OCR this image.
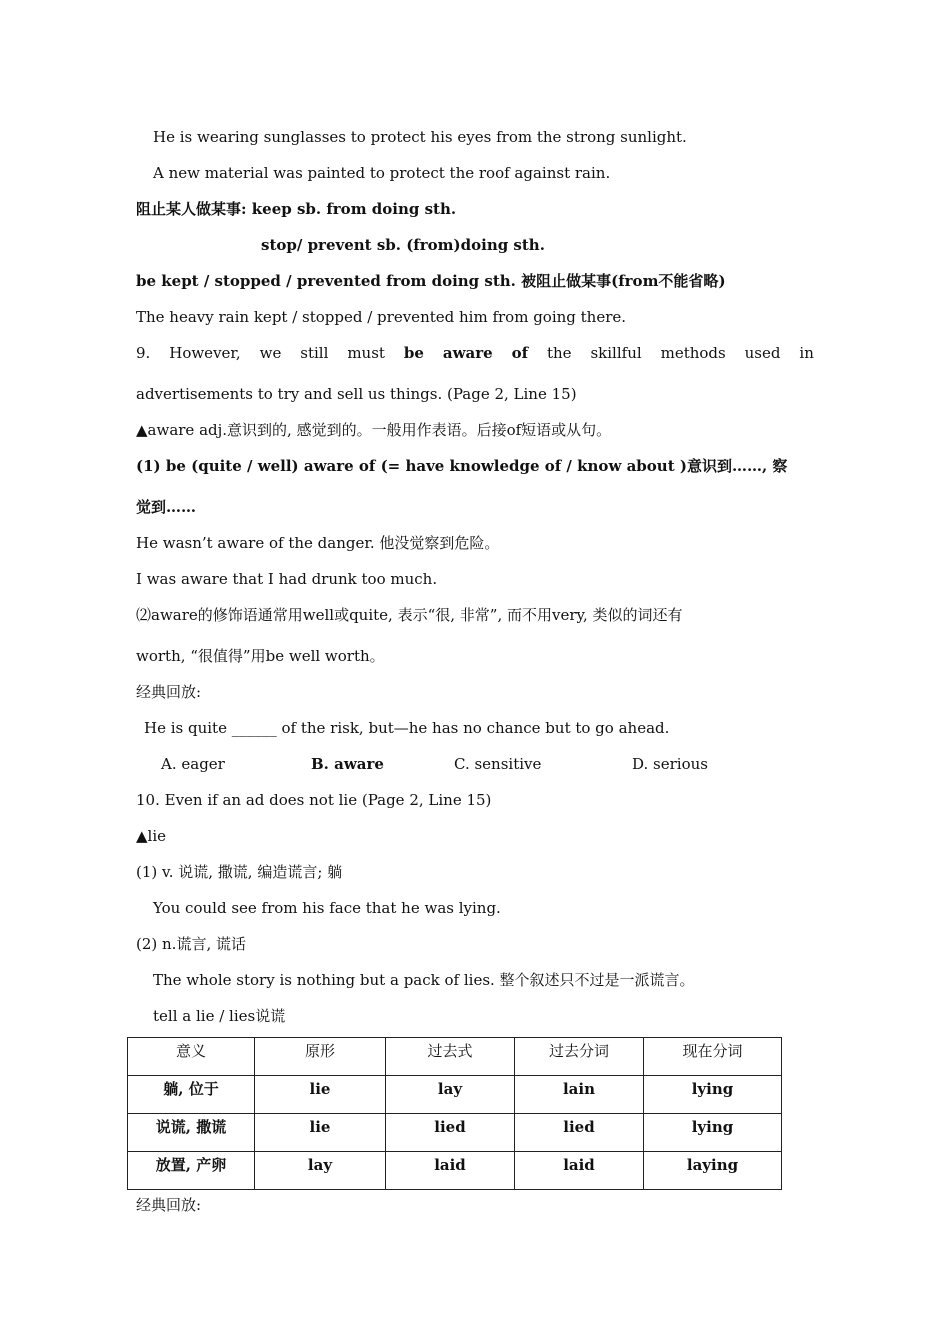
He is wearing sunglasses to protect his eyes from the strong sunlight.
A new material was painted to protect the roof against rain.
阻止某人做某事: keep sb. from doing sth.
stop/ prevent sb. (from)doing sth.
be kept / stopped / prevented from doing sth. 被阻止做某事(from不能省略)
The heavy rain kept / stopped / prevented him from going there.
9. However, we still must be aware of the skillful methods used in
advertisements to try and sell us things. (Page 2, Line 15)
▲aware adj.意识到的, 感觉到的。一般用作表语。后接of短语或从句。
(1) be (quite / well) aware of (= have knowledge of / know about )意识到……, 察
觉到……
He wasn’t aware of the danger. 他没觉察到危险。
I was aware that I had drunk too much.
⑵aware的修饰语通常用well或quite, 表示“很, 非常”, 而不用very, 类似的词还有
worth, “很值得”用be well worth。
经典回放:
He is quite ______ of the risk, but—he has no chance but to go ahead.
A. eager	B. aware	C. sensitive	D. serious
10. Even if an ad does not lie (Page 2, Line 15)
▲lie
(1) v. 说谎, 撒谎, 编造谎言; 躺
You could see from his face that he was lying.
(2) n.谎言, 谎话
The whole story is nothing but a pack of lies. 整个叙述只不过是一派谎言。
tell a lie / lies说谎
意义	原形	过去式	过去分词	现在分词
躺, 位于	lie	lay	lain	lying
说谎, 撒谎	lie	lied	lied	lying
放置, 产卵	lay	laid	laid	laying
经典回放:
